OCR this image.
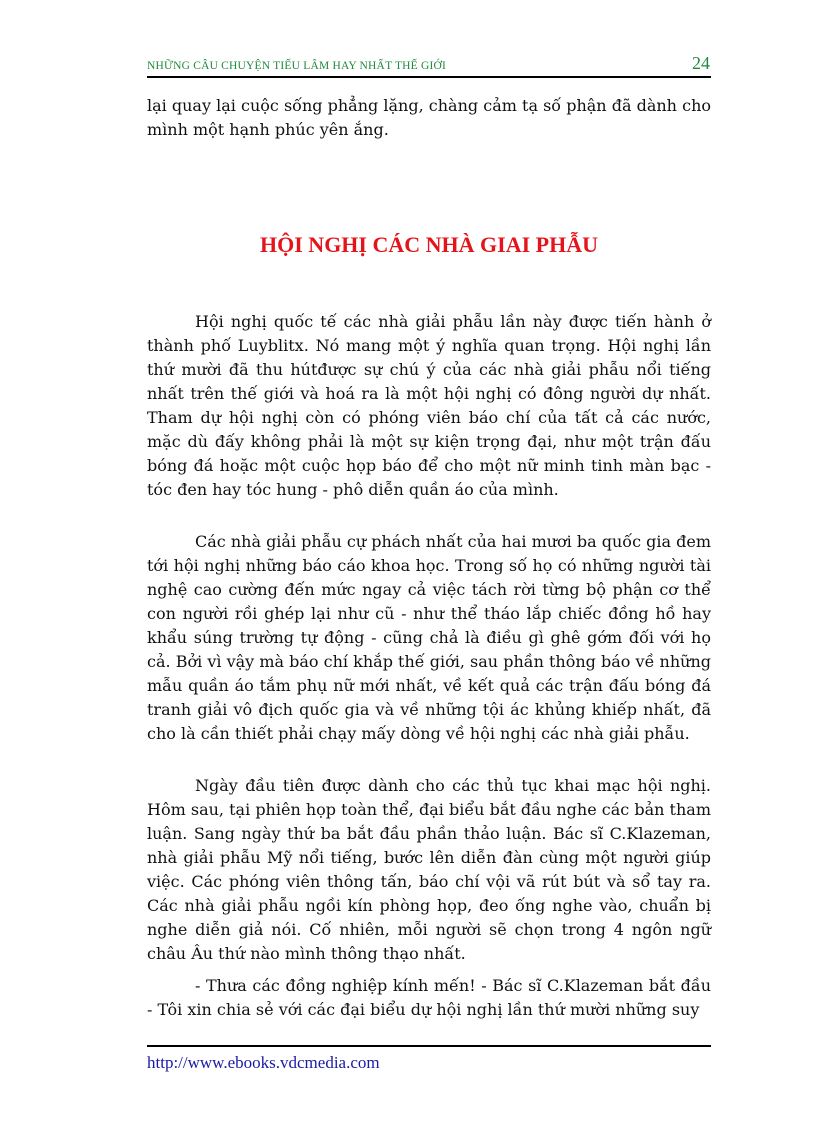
NHỮNG CÂU CHUYỆN TIẾU LÂM HAY NHẤT THẾ GIỚI	24

lại quay lại cuộc sống phẳng lặng, chàng cảm tạ số phận đã dành cho mình một hạnh phúc yên ắng.

HỘI NGHỊ CÁC NHÀ GIAI PHẪU

Hội nghị quốc tế các nhà giải phẫu lần này được tiến hành ở thành phố Luyblitx. Nó mang một ý nghĩa quan trọng. Hội nghị lần thứ mười đã thu hútđược sự chú ý của các nhà giải phẫu nổi tiếng nhất trên thế giới và hoá ra là một hội nghị có đông người dự nhất. Tham dự hội nghị còn có phóng viên báo chí của tất cả các nước, mặc dù đấy không phải là một sự kiện trọng đại, như một trận đấu bóng đá hoặc một cuộc họp báo để cho một nữ minh tinh màn bạc - tóc đen hay tóc hung - phô diễn quần áo của mình.

Các nhà giải phẫu cự phách nhất của hai mươi ba quốc gia đem tới hội nghị những báo cáo khoa học. Trong số họ có những người tài nghệ cao cường đến mức ngay cả việc tách rời từng bộ phận cơ thể con người rồi ghép lại như cũ - như thể tháo lắp chiếc đồng hồ hay khẩu súng trường tự động - cũng chả là điều gì ghê gớm đối với họ cả. Bởi vì vậy mà báo chí khắp thế giới, sau phần thông báo về những mẫu quần áo tắm phụ nữ mới nhất, về kết quả các trận đấu bóng đá tranh giải vô địch quốc gia và về những tội ác khủng khiếp nhất, đã cho là cần thiết phải chạy mấy dòng về hội nghị các nhà giải phẫu.

Ngày đầu tiên được dành cho các thủ tục khai mạc hội nghị. Hôm sau, tại phiên họp toàn thể, đại biểu bắt đầu nghe các bản tham luận. Sang ngày thứ ba bắt đầu phần thảo luận. Bác sĩ C.Klazeman, nhà giải phẫu Mỹ nổi tiếng, bước lên diễn đàn cùng một người giúp việc. Các phóng viên thông tấn, báo chí vội vã rút bút và sổ tay ra. Các nhà giải phẫu ngồi kín phòng họp, đeo ống nghe vào, chuẩn bị nghe diễn giả nói. Cố nhiên, mỗi người sẽ chọn trong 4 ngôn ngữ châu Âu thứ nào mình thông thạo nhất.

- Thưa các đồng nghiệp kính mến! - Bác sĩ C.Klazeman bắt đầu - Tôi xin chia sẻ với các đại biểu dự hội nghị lần thứ mười những suy

http://www.ebooks.vdcmedia.com
